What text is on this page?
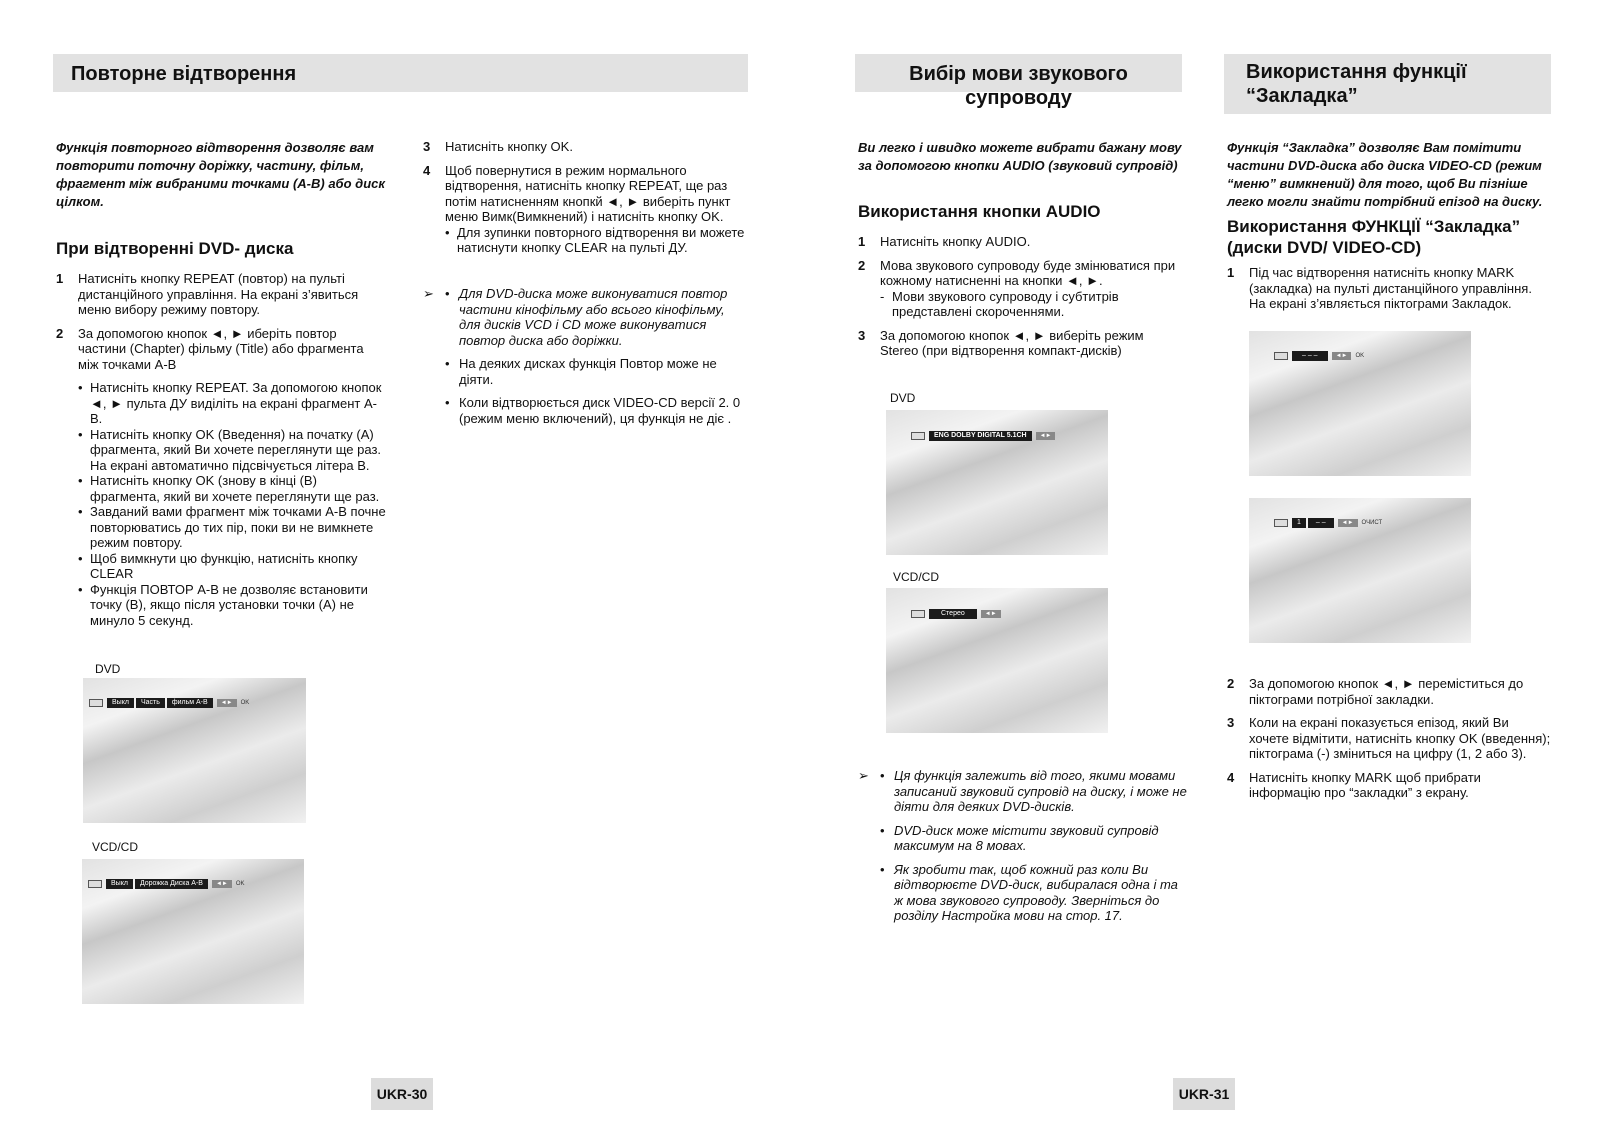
Повторне відтворення
Функція повторного відтворення дозволяє вам повторити поточну доріжку, частину, фільм, фрагмент між вибраними точками (A-B) або диск цілком.
При відтворенні DVD- диска
1 Натисніть кнопку REPEAT (повтор) на пульті дистанційного управління. На екрані з’явиться меню вибору режиму повтору.
2 За допомогою кнопок ◄, ► иберіть повтор частини (Chapter) фільму (Title) або фрагмента між точками A-B
• Натисніть кнопку REPEAT. За допомогою кнопок ◄, ► пульта ДУ виділіть на екрані фрагмент A-B.
• Натисніть кнопку OK (Введення) на початку (А) фрагмента, який Ви хочете переглянути ще раз. На екрані автоматично підсвічується літера B.
• Натисніть кнопку OK (знову в кінці (B) фрагмента, який ви хочете переглянути ще раз.
• Завданий вами фрагмент між точками A-B почне повторюватись до тих пір, поки ви не вимкнете режим повтору.
• Щоб вимкнути цю функцію, натисніть кнопку CLEAR
• Функція ПОВТОР A-B не дозволяє встановити точку (B), якщо після установки точки (A) не минуло 5 секунд.
DVD
Выкл	Часть	фильм A-B	◄►	OK
VCD/CD
Выкл	Дорожка Диска A-B	◄►	OK
3 Натисніть кнопку OK.
4 Щоб повернутися в режим нормального відтворення, натисніть кнопку REPEAT, ще раз потім натисненням кнопкй ◄, ► виберіть пункт меню Вимк(Вимкнений) і натисніть кнопку OK.
• Для зупинки повторного відтворення ви можете натиснути кнопку CLEAR на пульті ДУ.
➢ • Для DVD-диска може виконуватися повтор частини кінофільму або всього кінофільму, для дисків VCD і CD може виконуватися повтор диска або доріжки.
• На деяких дисках функція Повтор може не діяти.
• Коли відтворюється диск VIDEO-CD версії 2. 0 (режим меню включений), ця функція не діє .
UKR-30
Вибір мови звукового супроводу
Ви легко і швидко можете вибрати бажану мову за допомогою кнопки AUDIO (звуковий супровід)
Використання кнопки AUDIO
1 Натисніть кнопку AUDIO.
2 Мова звукового супроводу буде змінюватися при кожному натисненні на кнопки ◄, ►.
- Мови звукового супроводу і субтитрів представлені скороченнями.
3 За допомогою кнопок ◄, ► виберіть режим Stereo (при відтворення компакт-дисків)
DVD
ENG DOLBY DIGITAL 5.1CH	◄►
VCD/CD
Стерео	◄►
➢ • Ця функція залежить від того, якими мовами записаний звуковий супровід на диску, і може не діяти для деяких DVD-дисків.
• DVD-диск може містити звуковий супровід максимум на 8 мовах.
• Як зробити так, щоб кожний раз коли Ви відтворюєте DVD-диск, вибиралася одна і та ж мова звукового супроводу. Зверніться до розділу Настройка мови на стор. 17.
UKR-31
Використання функції
“Закладка”
Функція “Закладка” дозволяє Вам помітити частини DVD-диска або диска VIDEO-CD (режим “меню” вимкнений) для того, щоб Ви пізніше легко могли знайти потрібний епізод на диску.
Використання ФУНКЦІЇ “Закладка”
(диски DVD/ VIDEO-CD)
1 Під час відтворення натисніть кнопку MARK (закладка) на пульті дистанційного управління. На екрані з’являється піктограми Закладок.
– – –	◄►	OK
1	– –	◄►	ОЧИСТ
2 За допомогою кнопок ◄, ► переміститься до піктограми потрібної закладки.
3 Коли на екрані показується епізод, який Ви хочете відмітити, натисніть кнопку OK (введення); піктограма (-) зміниться на цифру (1, 2 або 3).
4 Натисніть кнопку MARK щоб прибрати інформацію про “закладки” з екрану.
